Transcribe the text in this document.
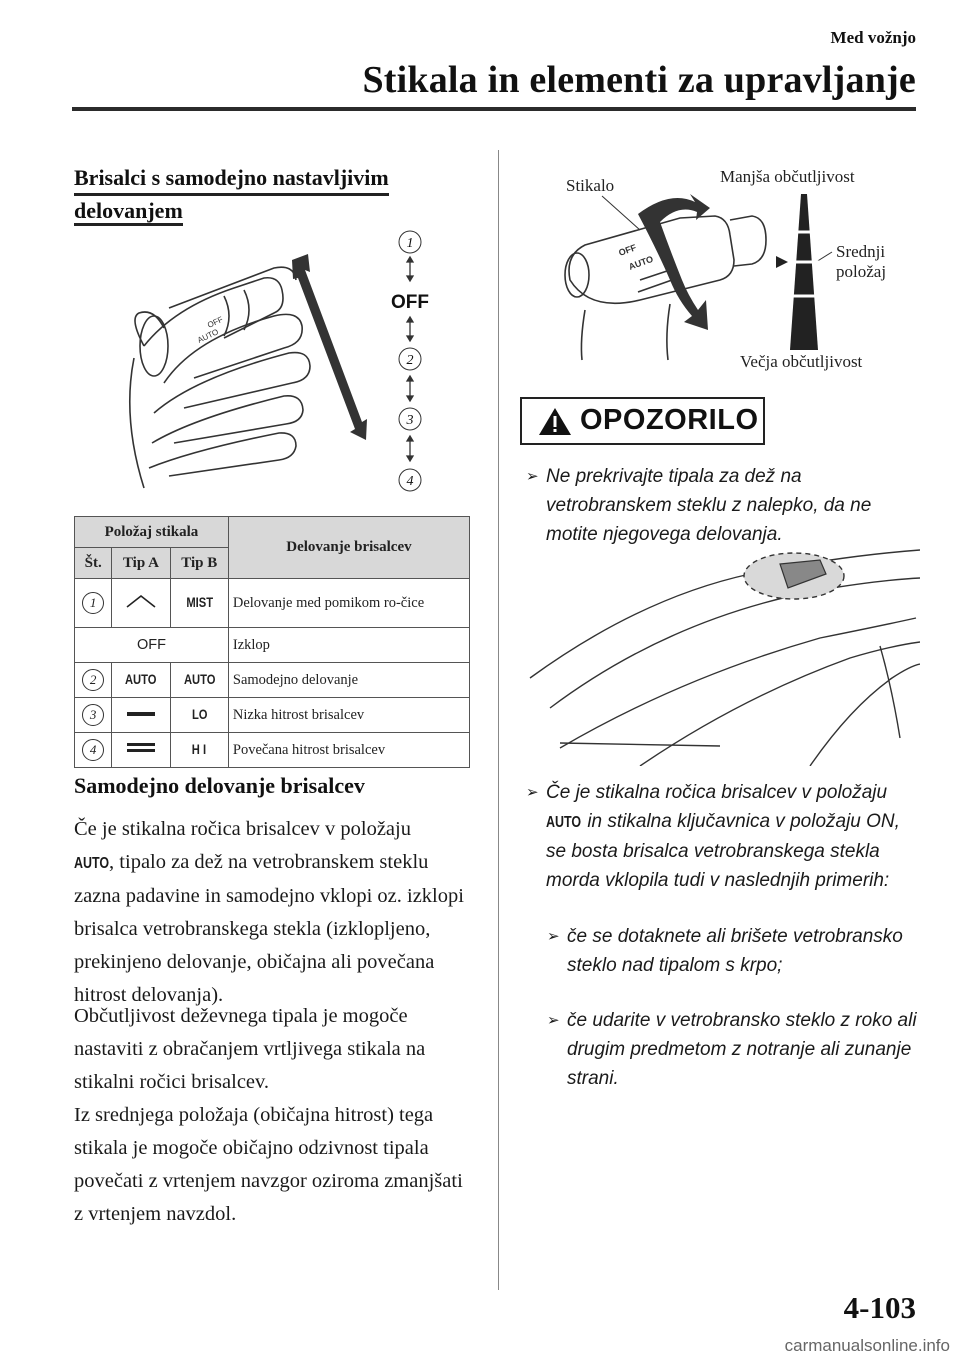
Med vožnjo
Stikala in elementi za upravljanje
Brisalci s samodejno nastavljivim
delovanjem
OFF
AUTO
1
2
3
4
OFF
Položaj stikala			Delovanje brisalcev
Št.	Tip A	Tip B	
1		MIST	Delovanje med pomikom ro-čice
OFF			Izklop
2	AUTO	AUTO	Samodejno delovanje
3		LO	Nizka hitrost brisalcev
4		H I	Povečana hitrost brisalcev
Samodejno delovanje brisalcev
Če je stikalna ročica brisalcev v položaju
AUTO, tipalo za dež na vetrobranskem steklu zazna padavine in samodejno vklopi oz. izklopi brisalca vetrobranskega stekla (izklopljeno, prekinjeno delovanje, običajna ali povečana hitrost delovanja).
Občutljivost deževnega tipala je mogoče nastaviti z obračanjem vrtljivega stikala na stikalni ročici brisalcev.
Iz srednjega položaja (običajna hitrost) tega stikala je mogoče običajno odzivnost tipala povečati z vrtenjem navzgor oziroma zmanjšati z vrtenjem navzdol.
Stikalo	Manjša občutljivost
Srednji
položaj
Večja občutljivost
OFF
AUTO
OPOZORILO
➢ Ne prekrivajte tipala za dež na vetrobranskem steklu z nalepko, da ne motite njegovega delovanja.
➢ Če je stikalna ročica brisalcev v položaju
AUTO in stikalna ključavnica v položaju ON, se bosta brisalca vetrobranskega stekla morda vklopila tudi v naslednjih primerih:
➢ če se dotaknete ali brišete vetrobransko steklo nad tipalom s krpo;
➢ če udarite v vetrobransko steklo z roko ali drugim predmetom z notranje ali zunanje strani.
4-103
carmanualsonline.info
